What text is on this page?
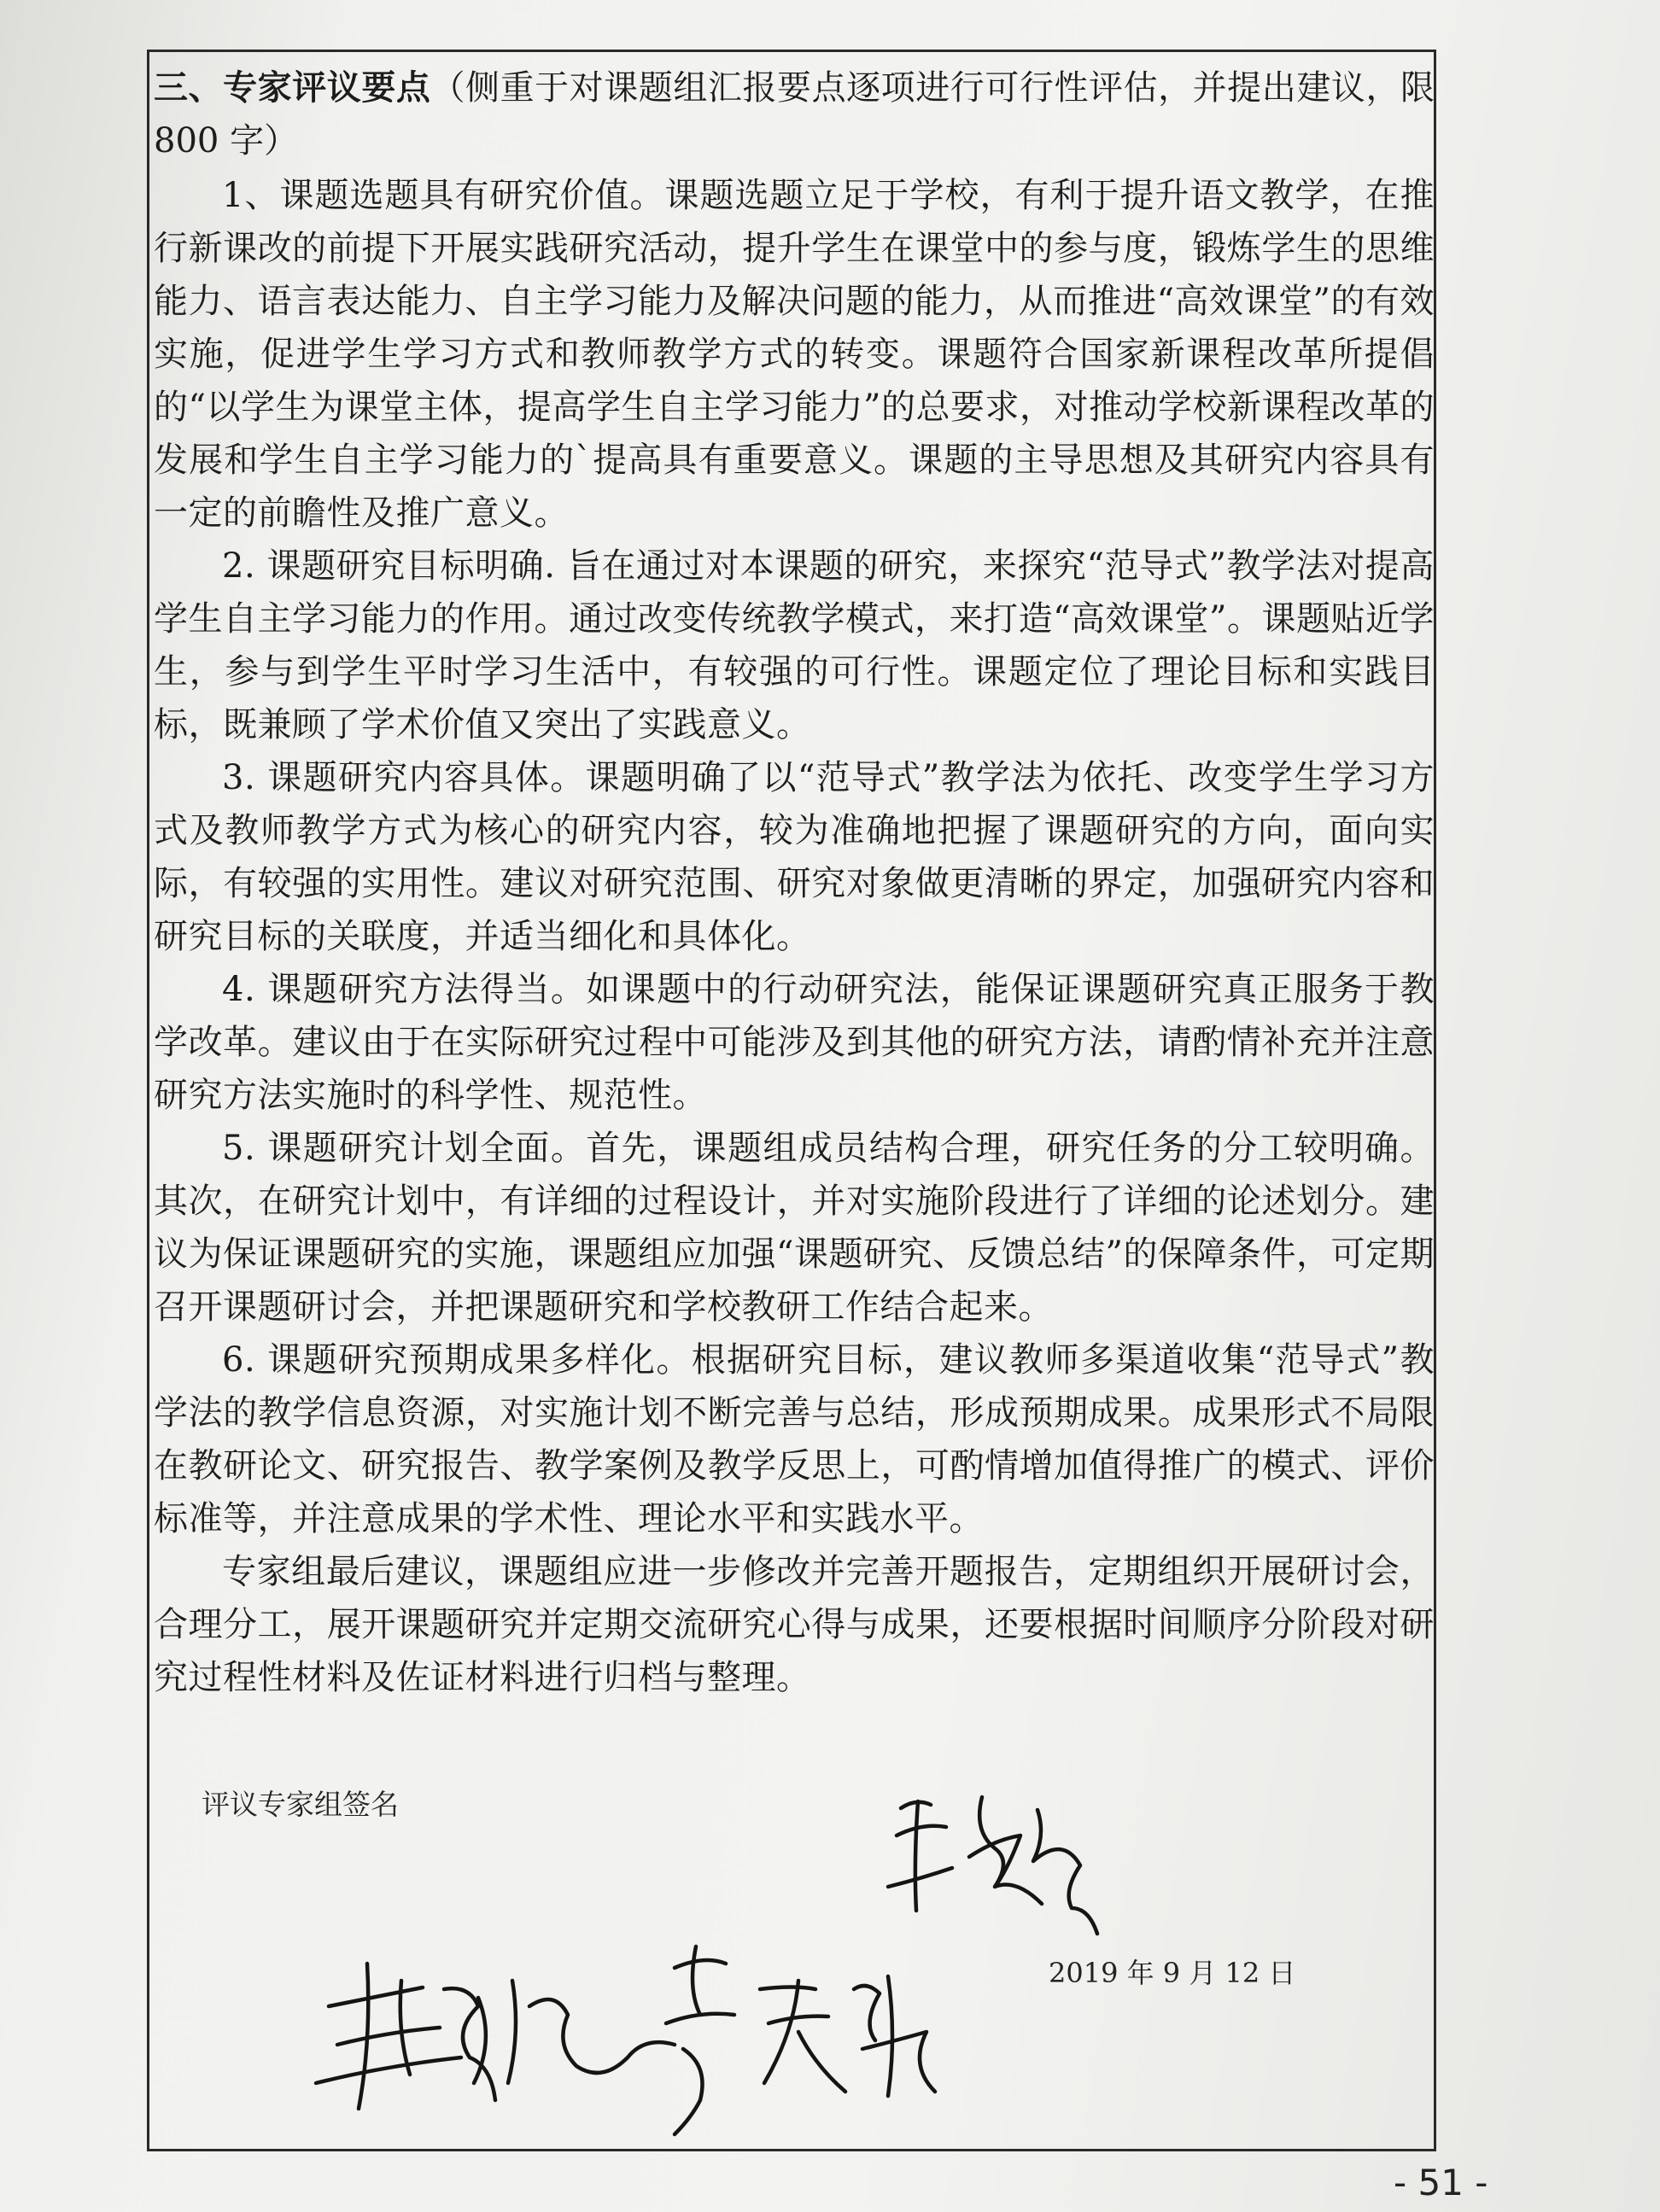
三、专家评议要点（侧重于对课题组汇报要点逐项进行可行性评估，并提出建议，限 800 字）

1、课题选题具有研究价值。课题选题立足于学校，有利于提升语文教学，在推行新课改的前提下开展实践研究活动，提升学生在课堂中的参与度，锻炼学生的思维能力、语言表达能力、自主学习能力及解决问题的能力，从而推进“高效课堂”的有效实施，促进学生学习方式和教师教学方式的转变。课题符合国家新课程改革所提倡的“以学生为课堂主体，提高学生自主学习能力”的总要求，对推动学校新课程改革的发展和学生自主学习能力的`提高具有重要意义。课题的主导思想及其研究内容具有一定的前瞻性及推广意义。

2. 课题研究目标明确. 旨在通过对本课题的研究，来探究“范导式”教学法对提高学生自主学习能力的作用。通过改变传统教学模式，来打造“高效课堂”。课题贴近学生，参与到学生平时学习生活中，有较强的可行性。课题定位了理论目标和实践目标，既兼顾了学术价值又突出了实践意义。

3. 课题研究内容具体。课题明确了以“范导式”教学法为依托、改变学生学习方式及教师教学方式为核心的研究内容，较为准确地把握了课题研究的方向，面向实际，有较强的实用性。建议对研究范围、研究对象做更清晰的界定，加强研究内容和研究目标的关联度，并适当细化和具体化。

4. 课题研究方法得当。如课题中的行动研究法，能保证课题研究真正服务于教学改革。建议由于在实际研究过程中可能涉及到其他的研究方法，请酌情补充并注意研究方法实施时的科学性、规范性。

5. 课题研究计划全面。首先，课题组成员结构合理，研究任务的分工较明确。其次，在研究计划中，有详细的过程设计，并对实施阶段进行了详细的论述划分。建议为保证课题研究的实施，课题组应加强“课题研究、反馈总结”的保障条件，可定期召开课题研讨会，并把课题研究和学校教研工作结合起来。

6. 课题研究预期成果多样化。根据研究目标，建议教师多渠道收集“范导式”教学法的教学信息资源，对实施计划不断完善与总结，形成预期成果。成果形式不局限在教研论文、研究报告、教学案例及教学反思上，可酌情增加值得推广的模式、评价标准等，并注意成果的学术性、理论水平和实践水平。

专家组最后建议，课题组应进一步修改并完善开题报告，定期组织开展研讨会，合理分工，展开课题研究并定期交流研究心得与成果，还要根据时间顺序分阶段对研究过程性材料及佐证材料进行归档与整理。

评议专家组签名
2019 年 9 月 12 日
- 51 -
